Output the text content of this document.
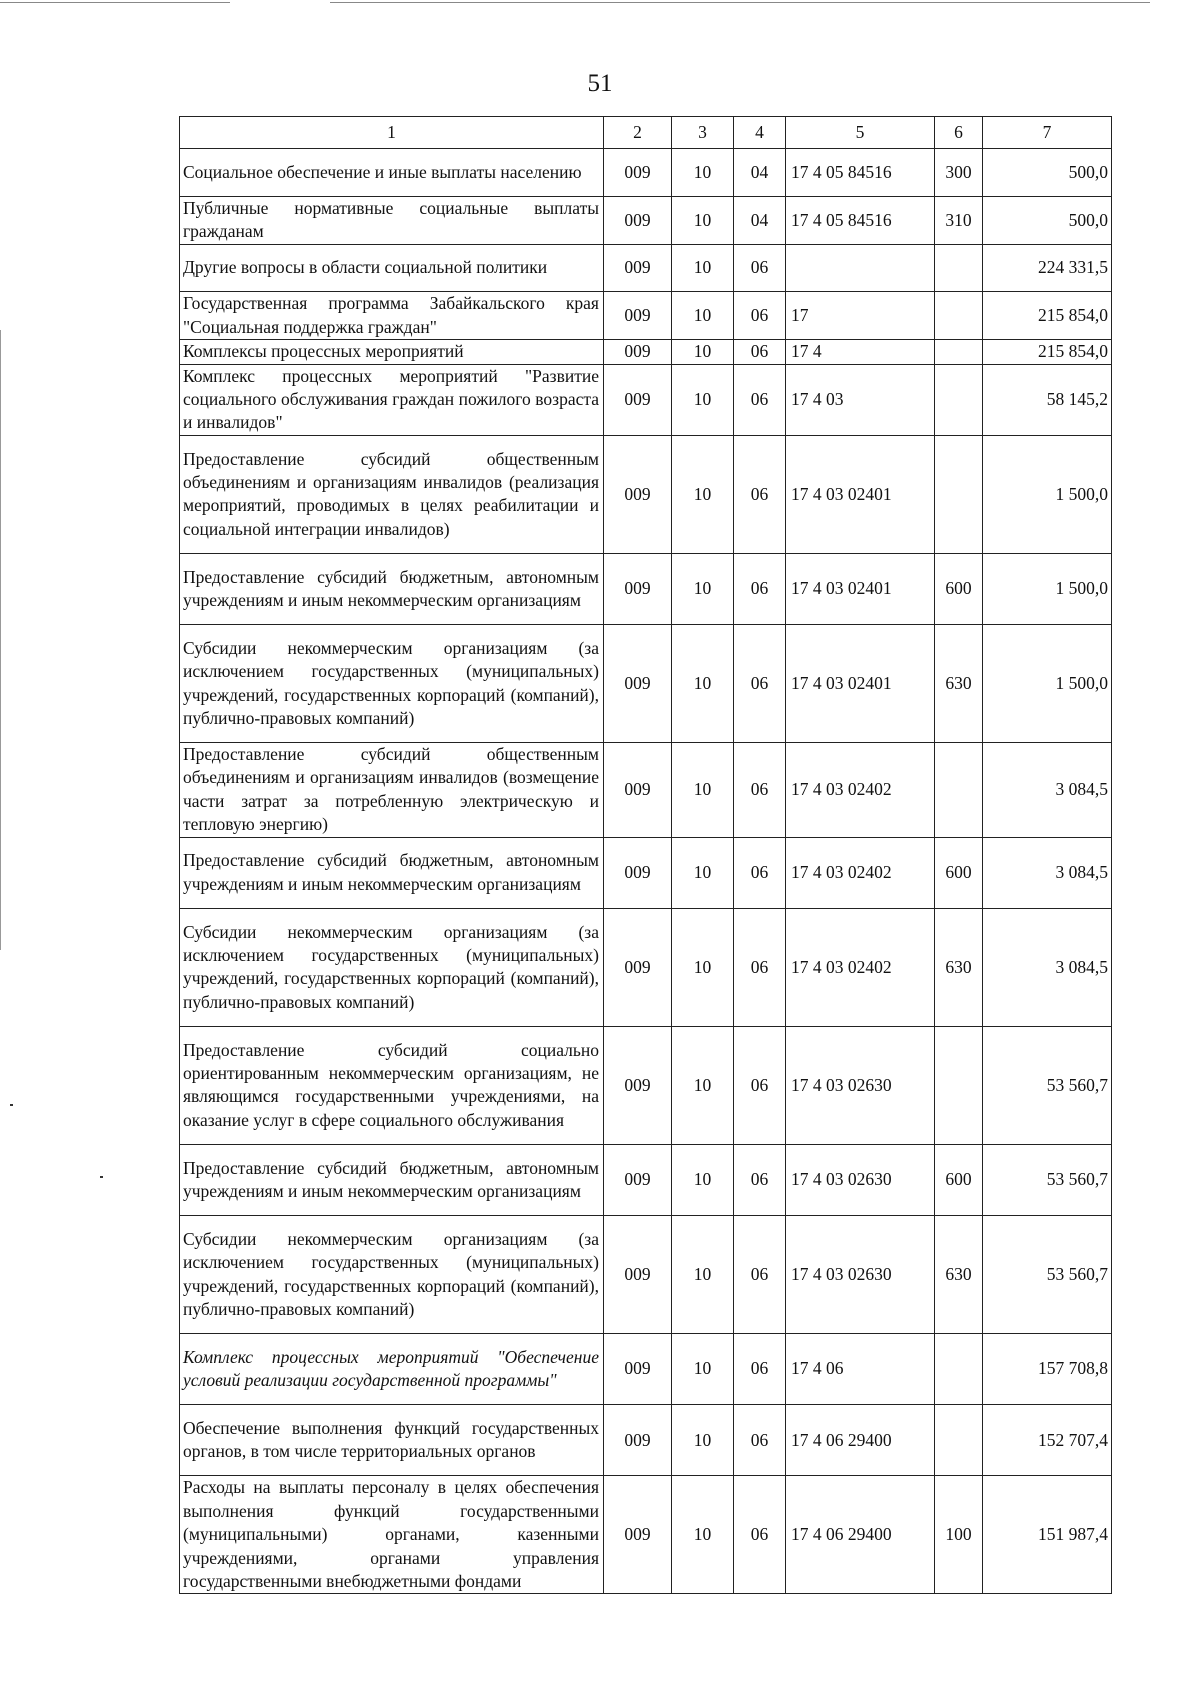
51
1	2	3	4	5	6	7
Социальное обеспечение и иные выплаты населению	009	10	04	17 4 05 84516	300	500,0
Публичные нормативные социальные выплаты гражданам	009	10	04	17 4 05 84516	310	500,0
Другие вопросы в области социальной политики	009	10	06			224 331,5
Государственная программа Забайкальского края "Социальная поддержка граждан"	009	10	06	17		215 854,0
Комплексы процессных мероприятий	009	10	06	17 4		215 854,0
Комплекс процессных мероприятий "Развитие социального обслуживания граждан пожилого возраста и инвалидов"	009	10	06	17 4 03		58 145,2
Предоставление субсидий общественным объединениям и организациям инвалидов (реализация мероприятий, проводимых в целях реабилитации и социальной интеграции инвалидов)	009	10	06	17 4 03 02401		1 500,0
Предоставление субсидий бюджетным, автономным учреждениям и иным некоммерческим организациям	009	10	06	17 4 03 02401	600	1 500,0
Субсидии некоммерческим организациям (за исключением государственных (муниципальных) учреждений, государственных корпораций (компаний), публично-правовых компаний)	009	10	06	17 4 03 02401	630	1 500,0
Предоставление субсидий общественным объединениям и организациям инвалидов (возмещение части затрат за потребленную электрическую и тепловую энергию)	009	10	06	17 4 03 02402		3 084,5
Предоставление субсидий бюджетным, автономным учреждениям и иным некоммерческим организациям	009	10	06	17 4 03 02402	600	3 084,5
Субсидии некоммерческим организациям (за исключением государственных (муниципальных) учреждений, государственных корпораций (компаний), публично-правовых компаний)	009	10	06	17 4 03 02402	630	3 084,5
Предоставление субсидий социально ориентированным некоммерческим организациям, не являющимся государственными учреждениями, на оказание услуг в сфере социального обслуживания	009	10	06	17 4 03 02630		53 560,7
Предоставление субсидий бюджетным, автономным учреждениям и иным некоммерческим организациям	009	10	06	17 4 03 02630	600	53 560,7
Субсидии некоммерческим организациям (за исключением государственных (муниципальных) учреждений, государственных корпораций (компаний), публично-правовых компаний)	009	10	06	17 4 03 02630	630	53 560,7
Комплекс процессных мероприятий "Обеспечение условий реализации государственной программы"	009	10	06	17 4 06		157 708,8
Обеспечение выполнения функций государственных органов, в том числе территориальных органов	009	10	06	17 4 06 29400		152 707,4
Расходы на выплаты персоналу в целях обеспечения выполнения функций государственными (муниципальными) органами, казенными учреждениями, органами управления государственными внебюджетными фондами	009	10	06	17 4 06 29400	100	151 987,4
